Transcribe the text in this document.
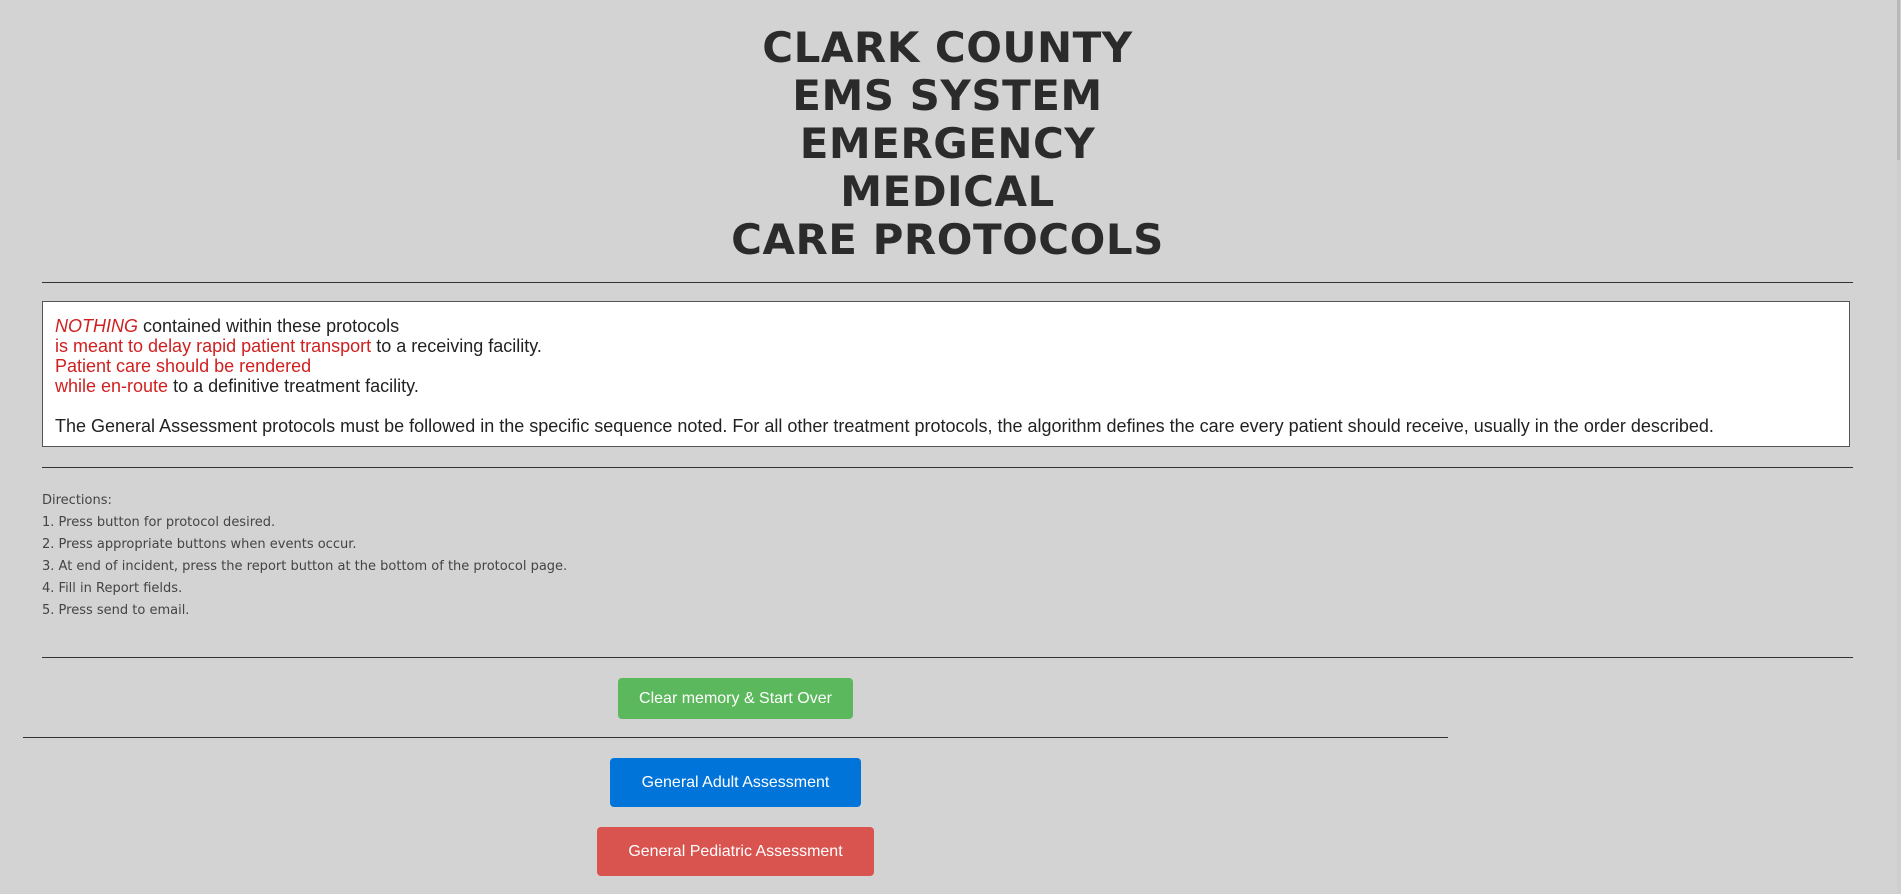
CLARK COUNTY
EMS SYSTEM
EMERGENCY
MEDICAL
CARE PROTOCOLS
NOTHING contained within these protocols
is meant to delay rapid patient transport to a receiving facility.
Patient care should be rendered
while en-route to a definitive treatment facility.
The General Assessment protocols must be followed in the specific sequence noted. For all other treatment protocols, the algorithm defines the care every patient should receive, usually in the order described.
Directions:
1. Press button for protocol desired.
2. Press appropriate buttons when events occur.
3. At end of incident, press the report button at the bottom of the protocol page.
4. Fill in Report fields.
5. Press send to email.
Clear memory & Start Over
General Adult Assessment
General Pediatric Assessment
